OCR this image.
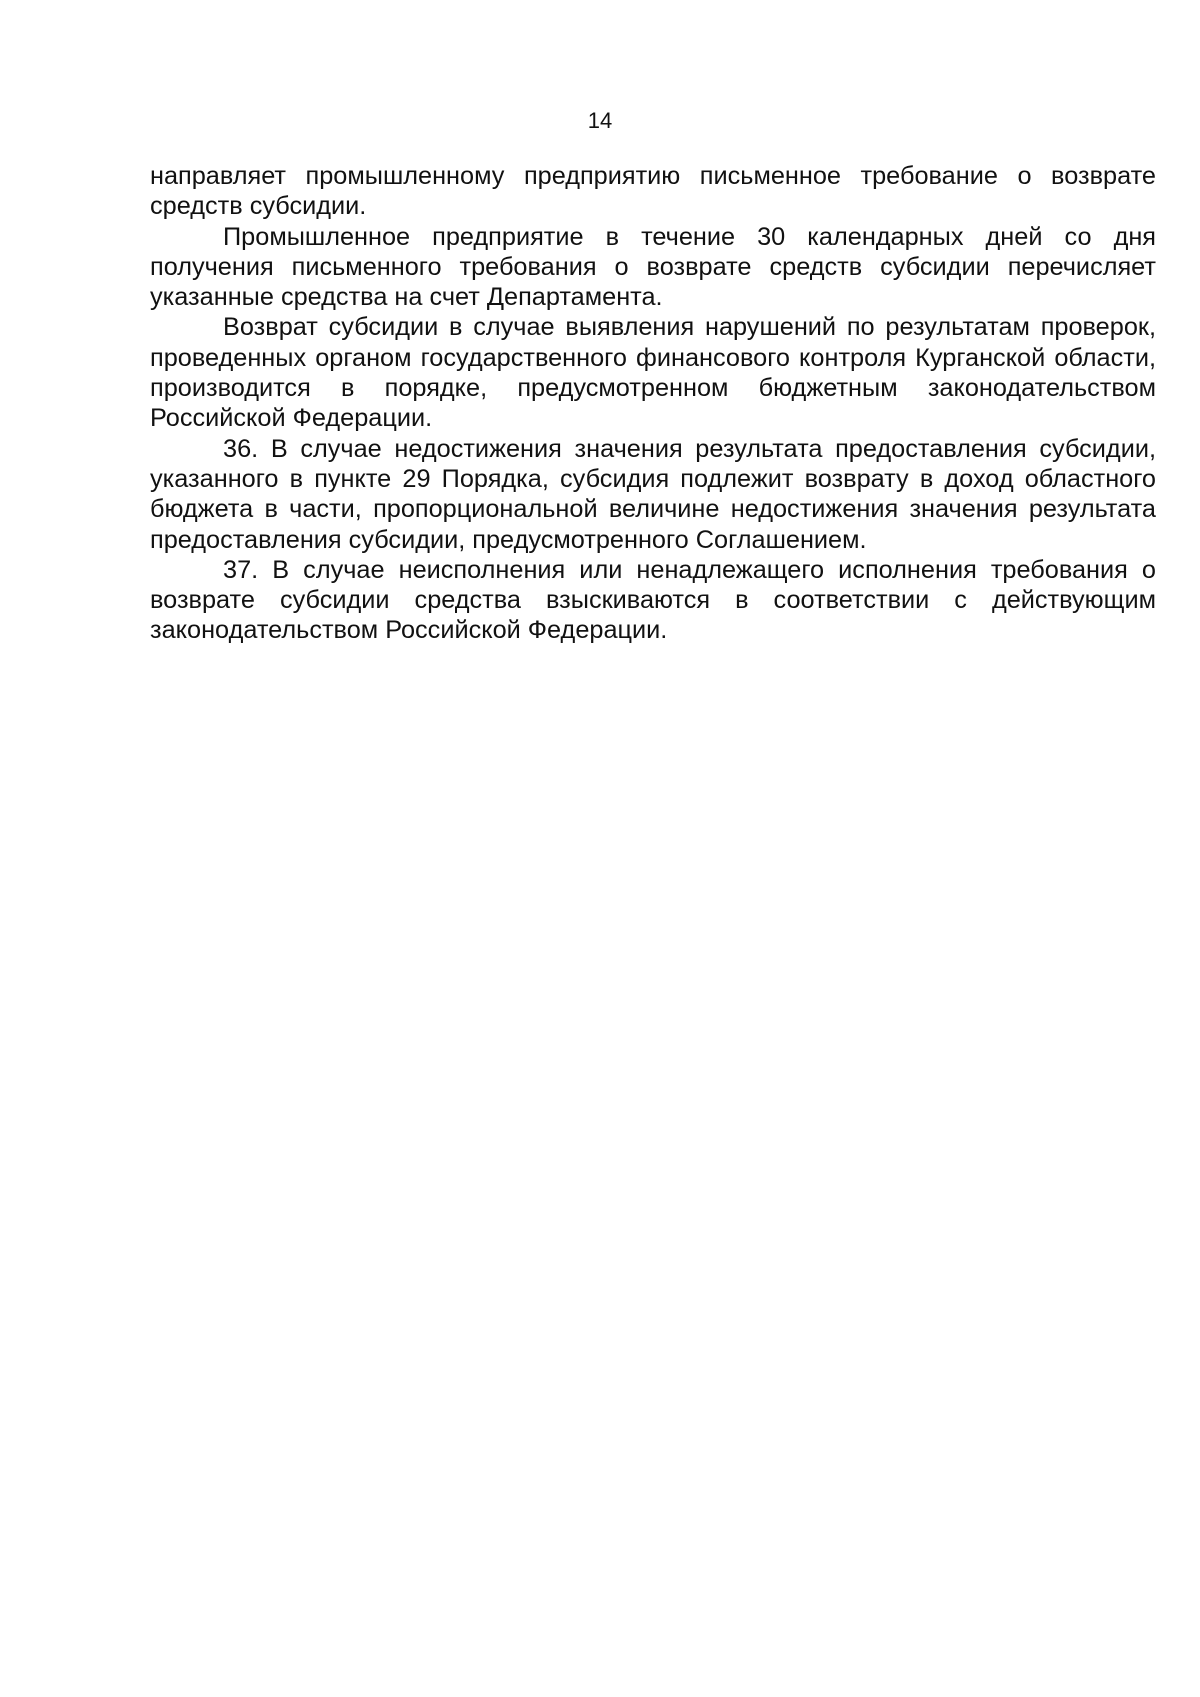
14

направляет промышленному предприятию письменное требование о возврате средств субсидии.

Промышленное предприятие в течение 30 календарных дней со дня получения письменного требования о возврате средств субсидии перечисляет указанные средства на счет Департамента.

Возврат субсидии в случае выявления нарушений по результатам проверок, проведенных органом государственного финансового контроля Курганской области, производится в порядке, предусмотренном бюджетным законодательством Российской Федерации.

36. В случае недостижения значения результата предоставления субсидии, указанного в пункте 29 Порядка, субсидия подлежит возврату в доход областного бюджета в части, пропорциональной величине недостижения значения результата предоставления субсидии, предусмотренного Соглашением.

37. В случае неисполнения или ненадлежащего исполнения требования о возврате субсидии средства взыскиваются в соответствии с действующим законодательством Российской Федерации.
